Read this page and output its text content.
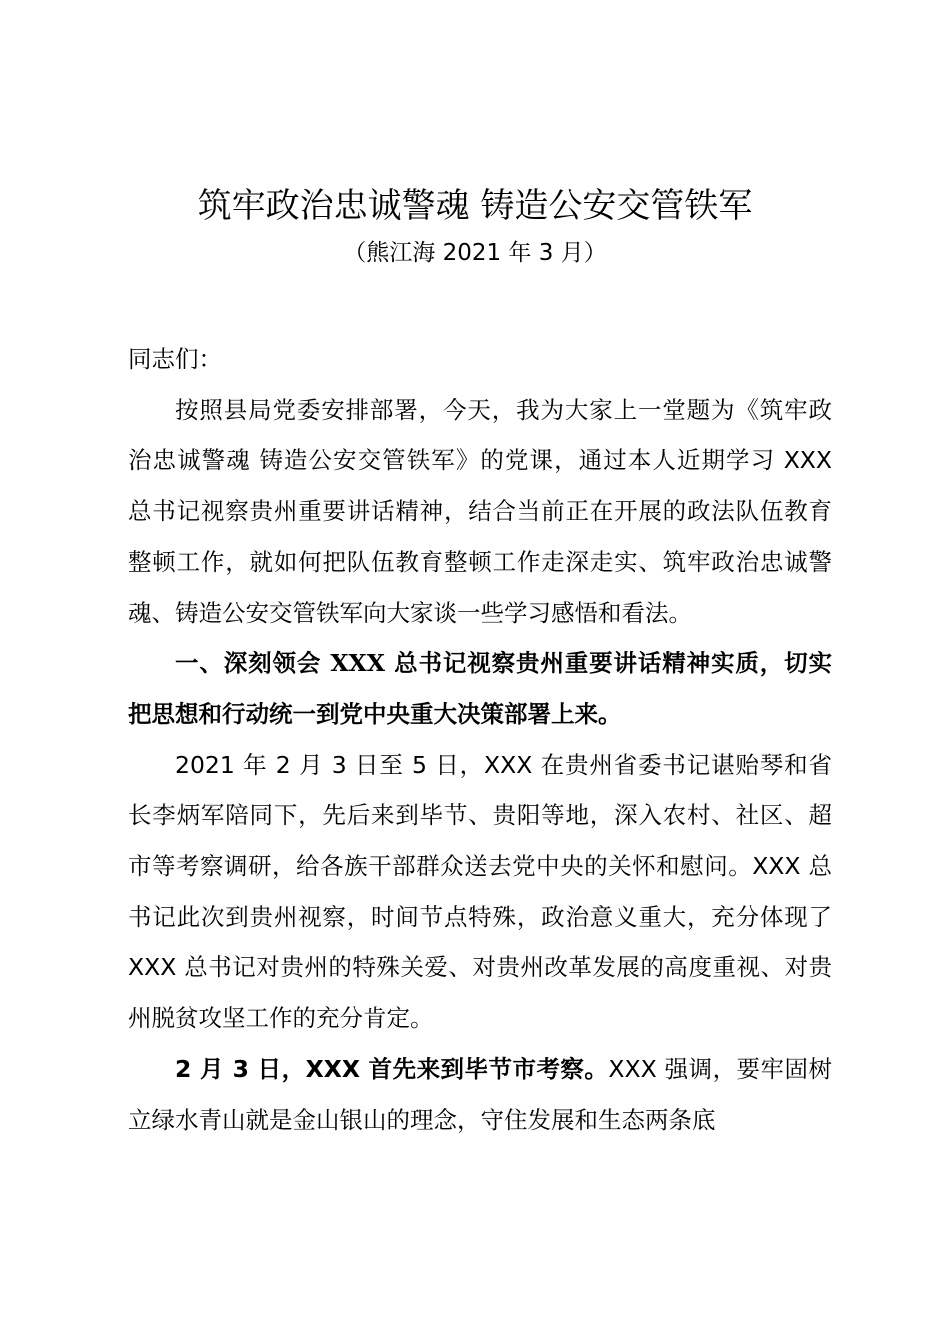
筑牢政治忠诚警魂 铸造公安交管铁军
（熊江海 2021 年 3 月）

同志们：

按照县局党委安排部署，今天，我为大家上一堂题为《筑牢政治忠诚警魂 铸造公安交管铁军》的党课，通过本人近期学习 XXX 总书记视察贵州重要讲话精神，结合当前正在开展的政法队伍教育整顿工作，就如何把队伍教育整顿工作走深走实、筑牢政治忠诚警魂、铸造公安交管铁军向大家谈一些学习感悟和看法。

一、深刻领会 XXX 总书记视察贵州重要讲话精神实质，切实把思想和行动统一到党中央重大决策部署上来。

2021 年 2 月 3 日至 5 日，XXX 在贵州省委书记谌贻琴和省长李炳军陪同下，先后来到毕节、贵阳等地，深入农村、社区、超市等考察调研，给各族干部群众送去党中央的关怀和慰问。XXX 总书记此次到贵州视察，时间节点特殊，政治意义重大，充分体现了 XXX 总书记对贵州的特殊关爱、对贵州改革发展的高度重视、对贵州脱贫攻坚工作的充分肯定。

2 月 3 日，XXX 首先来到毕节市考察。XXX 强调，要牢固树立绿水青山就是金山银山的理念，守住发展和生态两条底
